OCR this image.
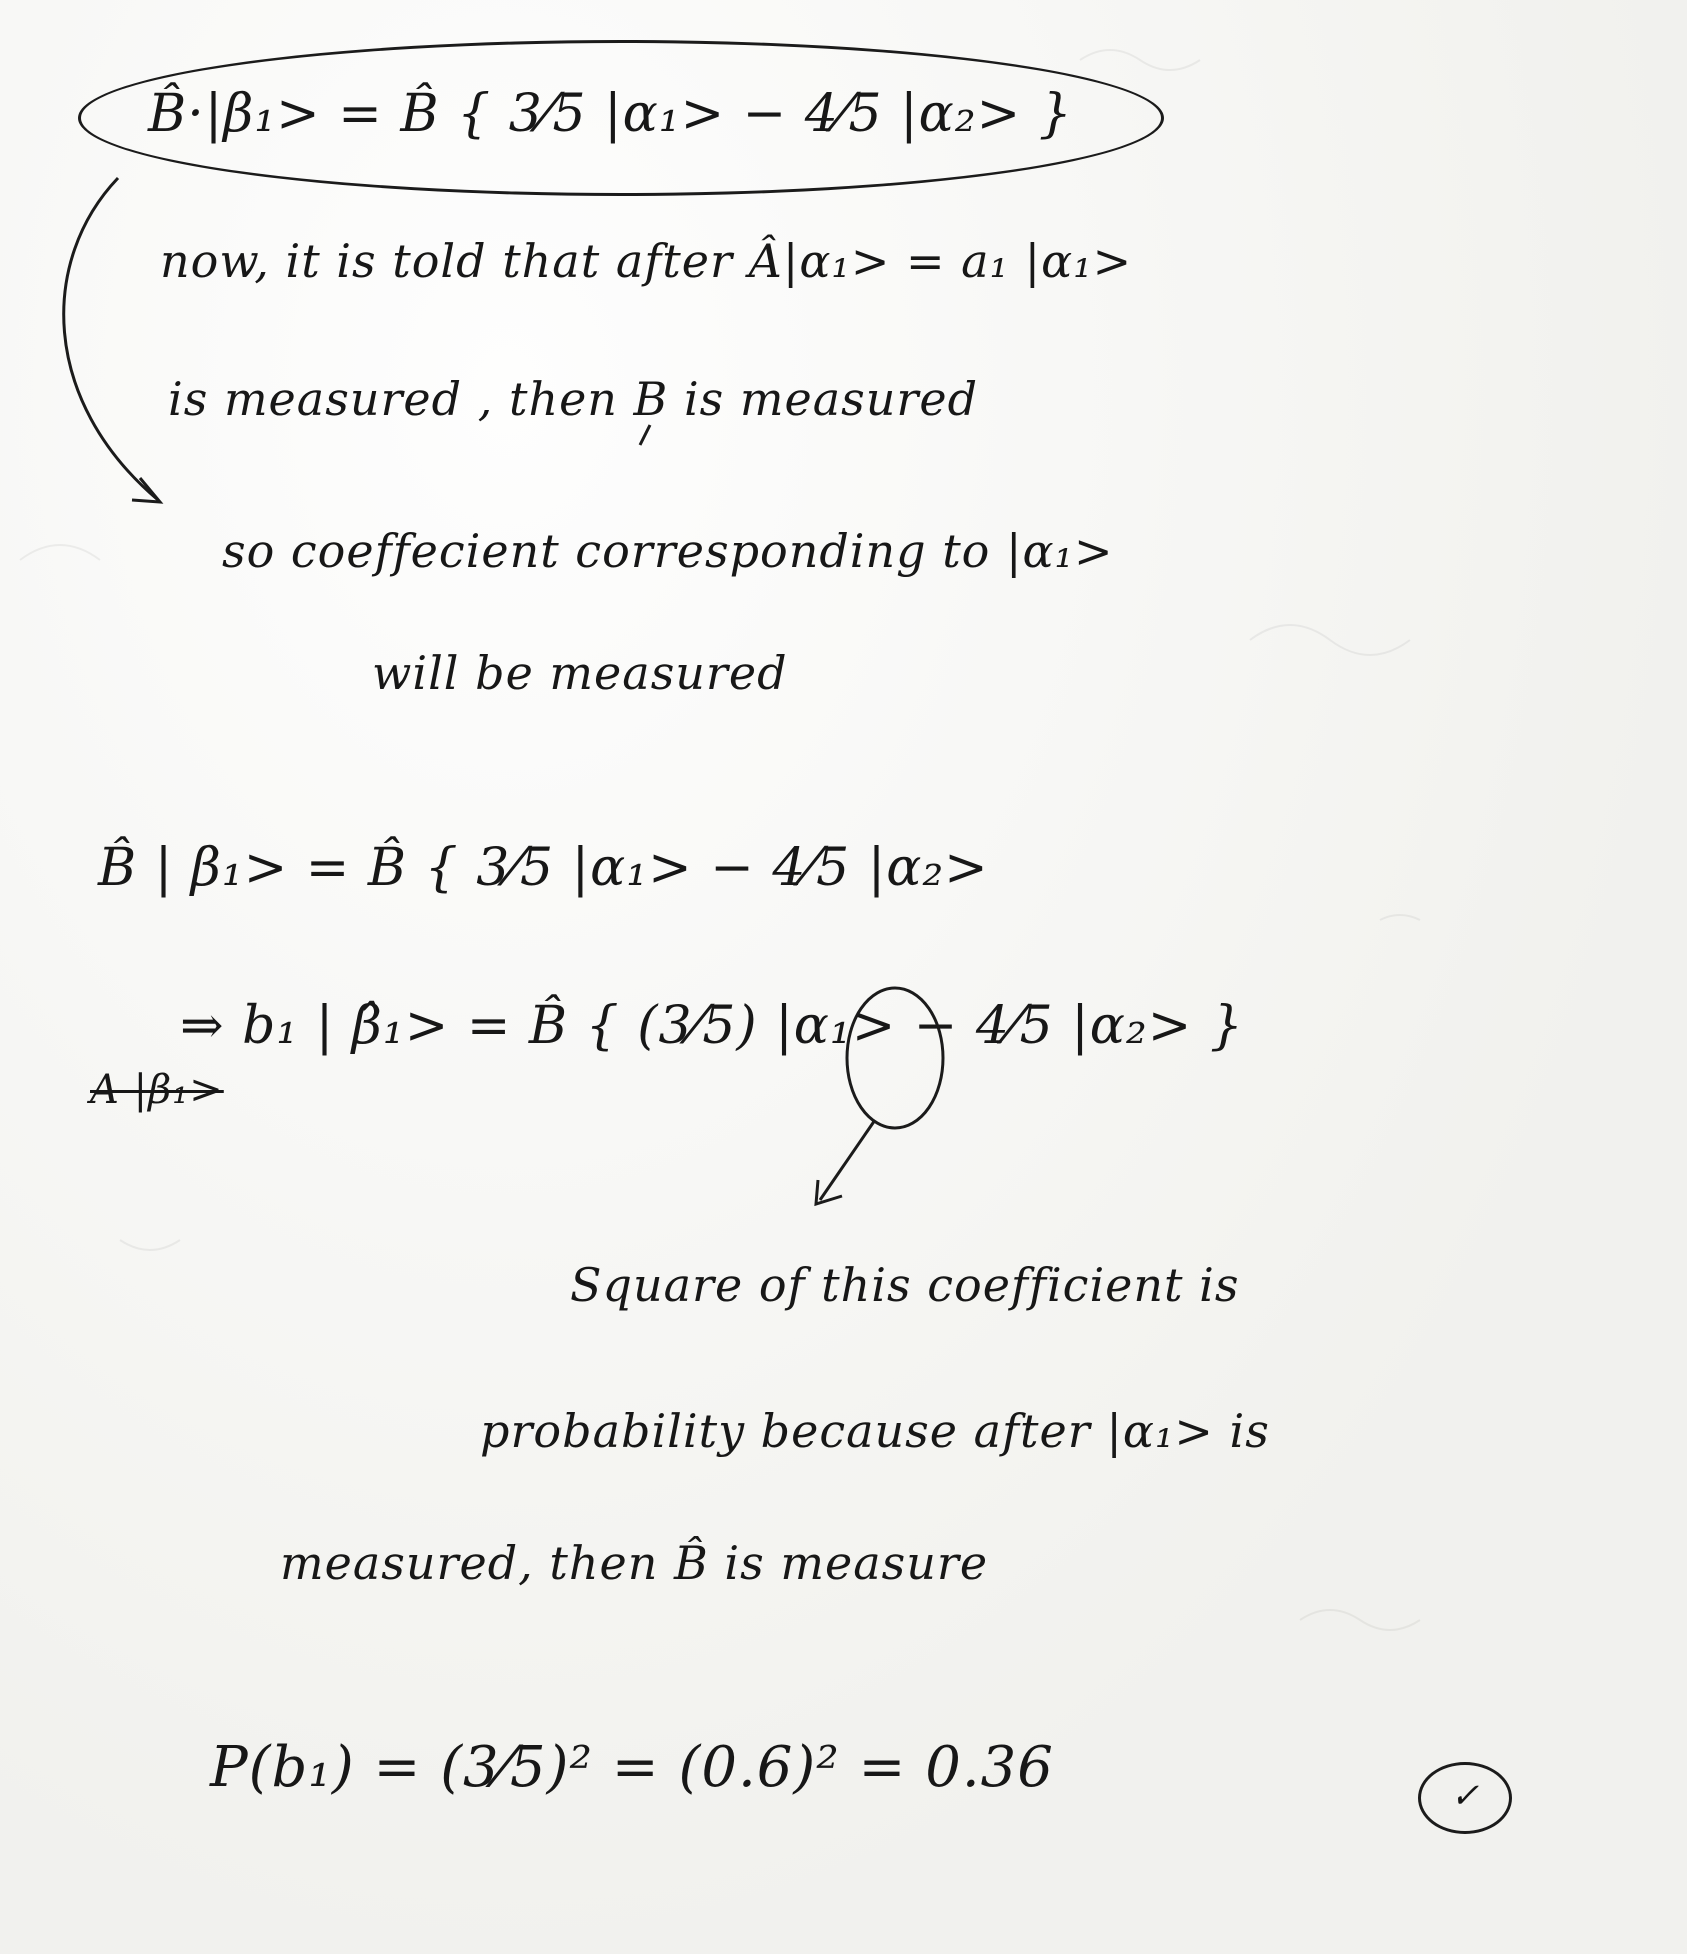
B̂·|β₁> = B̂ { 3⁄5 |α₁> − 4⁄5 |α₂> }
now, it is told that after Â|α₁> = a₁ |α₁>
is measured , then B is measured
so coeffecient corresponding to |α₁>
will be measured
B̂ | β₁> = B̂ { 3⁄5 |α₁> − 4⁄5 |α₂>
⇒ b₁ | β̂₁> = B̂ { (3⁄5) |α₁> − 4⁄5 |α₂> }
A |β₁>
Square of this coefficient is
probability because after |α₁> is
measured, then B̂ is measure
P(b₁) = (3⁄5)² = (0.6)² = 0.36	✓
